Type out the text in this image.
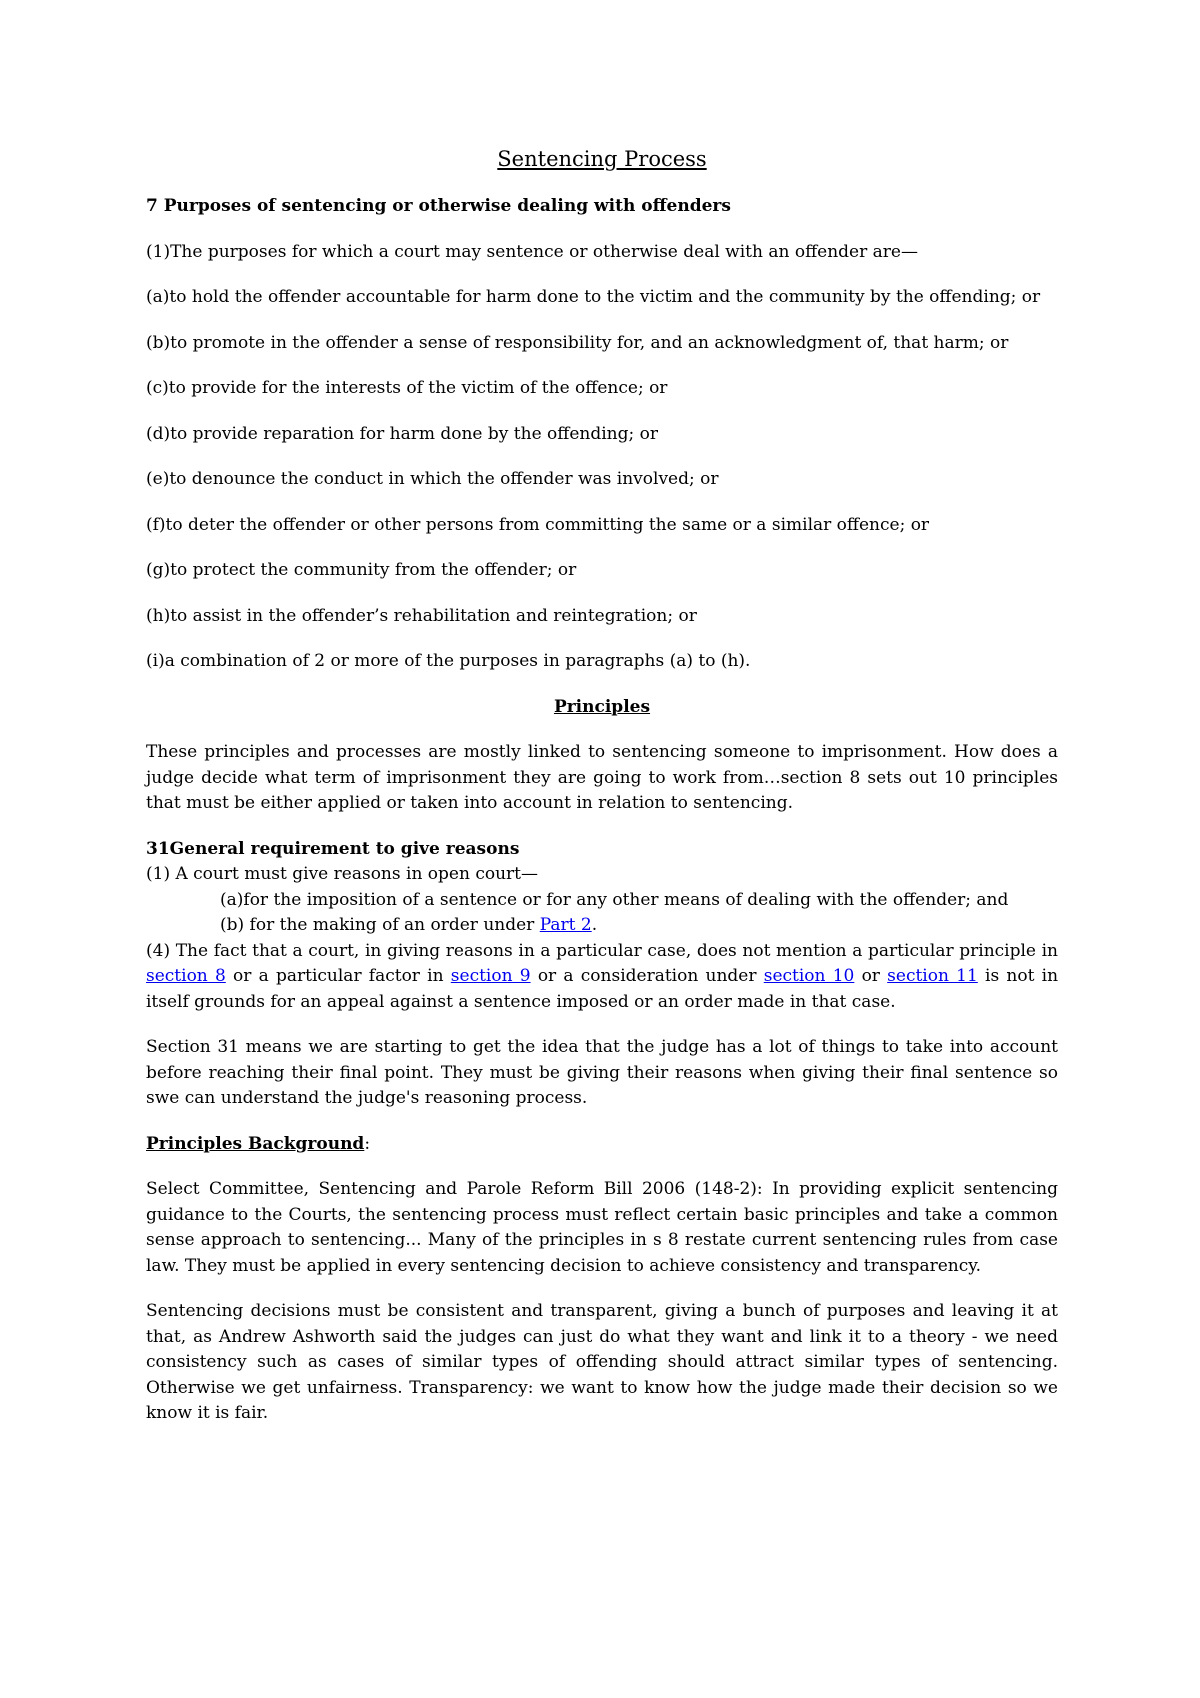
Sentencing Process

7 Purposes of sentencing or otherwise dealing with offenders

(1)The purposes for which a court may sentence or otherwise deal with an offender are—

(a)to hold the offender accountable for harm done to the victim and the community by the offending; or

(b)to promote in the offender a sense of responsibility for, and an acknowledgment of, that harm; or

(c)to provide for the interests of the victim of the offence; or

(d)to provide reparation for harm done by the offending; or

(e)to denounce the conduct in which the offender was involved; or

(f)to deter the offender or other persons from committing the same or a similar offence; or

(g)to protect the community from the offender; or

(h)to assist in the offender’s rehabilitation and reintegration; or

(i)a combination of 2 or more of the purposes in paragraphs (a) to (h).

Principles

These principles and processes are mostly linked to sentencing someone to imprisonment. How does a judge decide what term of imprisonment they are going to work from…section 8 sets out 10 principles that must be either applied or taken into account in relation to sentencing.

31General requirement to give reasons
(1) A court must give reasons in open court—
(a)for the imposition of a sentence or for any other means of dealing with the offender; and
(b) for the making of an order under Part 2.
(4) The fact that a court, in giving reasons in a particular case, does not mention a particular principle in section 8 or a particular factor in section 9 or a consideration under section 10 or section 11 is not in itself grounds for an appeal against a sentence imposed or an order made in that case.

Section 31 means we are starting to get the idea that the judge has a lot of things to take into account before reaching their final point. They must be giving their reasons when giving their final sentence so swe can understand the judge's reasoning process.

Principles Background:

Select Committee, Sentencing and Parole Reform Bill 2006 (148-2): In providing explicit sentencing guidance to the Courts, the sentencing process must reflect certain basic principles and take a common sense approach to sentencing... Many of the principles in s 8 restate current sentencing rules from case law. They must be applied in every sentencing decision to achieve consistency and transparency.

Sentencing decisions must be consistent and transparent, giving a bunch of purposes and leaving it at that, as Andrew Ashworth said the judges can just do what they want and link it to a theory - we need consistency such as cases of similar types of offending should attract similar types of sentencing. Otherwise we get unfairness. Transparency: we want to know how the judge made their decision so we know it is fair.
